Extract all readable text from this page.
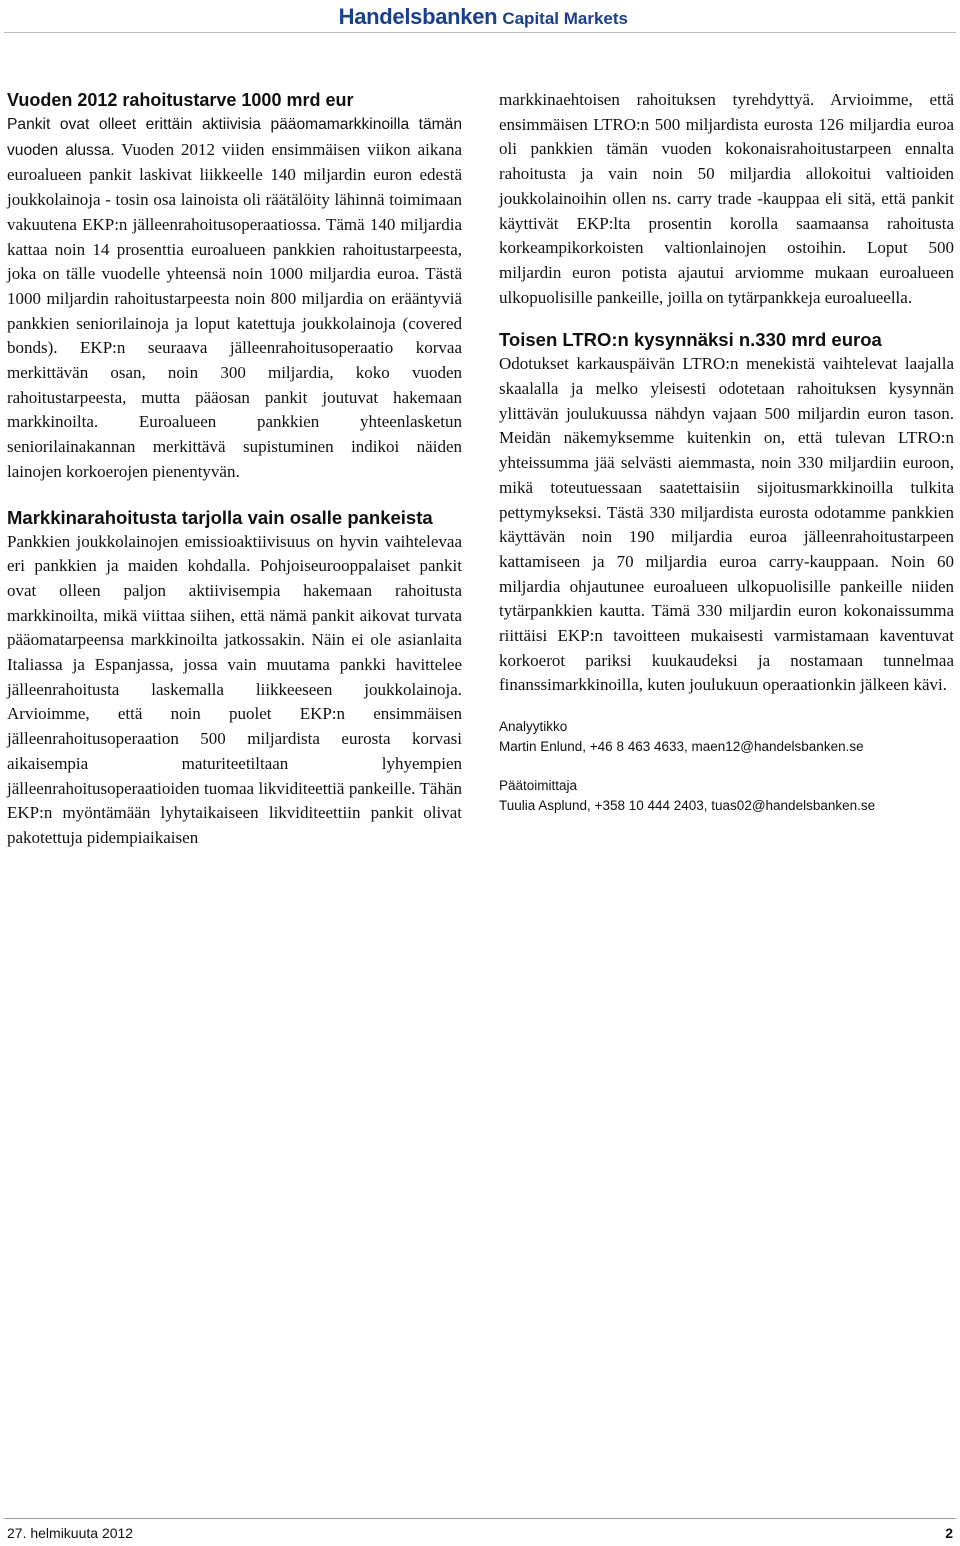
Handelsbanken Capital Markets
Vuoden 2012 rahoitustarve 1000 mrd eur

Pankit ovat olleet erittäin aktiivisia pääomamarkkinoilla tämän vuoden alussa. Vuoden 2012 viiden ensimmäisen viikon aikana euroalueen pankit laskivat liikkeelle 140 miljardin euron edestä joukkolainoja - tosin osa lainoista oli räätälöity lähinnä toimimaan vakuutena EKP:n jälleenrahoitusoperaatiossa. Tämä 140 miljardia kattaa noin 14 prosenttia euroalueen pankkien rahoitustarpeesta, joka on tälle vuodelle yhteensä noin 1000 miljardia euroa. Tästä 1000 miljardin rahoitustarpeesta noin 800 miljardia on erääntyviä pankkien seniorilainoja ja loput katettuja joukkolainoja (covered bonds). EKP:n seuraava jälleenrahoitusoperaatio korvaa merkittävän osan, noin 300 miljardia, koko vuoden rahoitustarpeesta, mutta pääosan pankit joutuvat hakemaan markkinoilta. Euroalueen pankkien yhteenlasketun seniorilainakannan merkittävä supistuminen indikoi näiden lainojen korkoerojen pienentyvän.

Markkinarahoitusta tarjolla vain osalle pankeista

Pankkien joukkolainojen emissioaktiivisuus on hyvin vaihtelevaa eri pankkien ja maiden kohdalla. Pohjoiseurooppalaiset pankit ovat olleen paljon aktiivisempia hakemaan rahoitusta markkinoilta, mikä viittaa siihen, että nämä pankit aikovat turvata pääomatarpeensa markkinoilta jatkossakin. Näin ei ole asianlaita Italiassa ja Espanjassa, jossa vain muutama pankki havittelee jälleenrahoitusta laskemalla liikkeeseen joukkolainoja. Arvioimme, että noin puolet EKP:n ensimmäisen jälleenrahoitusoperaation 500 miljardista eurosta korvasi aikaisempia maturiteetiltaan lyhyempien jälleenrahoitusoperaatioiden tuomaa likviditeettiä pankeille. Tähän EKP:n myöntämään lyhytaikaiseen likviditeettiin pankit olivat pakotettuja pidempiaikaisen

markkinaehtoisen rahoituksen tyrehdyttyä. Arvioimme, että ensimmäisen LTRO:n 500 miljardista eurosta 126 miljardia euroa oli pankkien tämän vuoden kokonaisrahoitustarpeen ennalta rahoitusta ja vain noin 50 miljardia allokoitui valtioiden joukkolainoihin ollen ns. carry trade -kauppaa eli sitä, että pankit käyttivät EKP:lta prosentin korolla saamaansa rahoitusta korkeampikorkoisten valtionlainojen ostoihin. Loput 500 miljardin euron potista ajautui arviomme mukaan euroalueen ulkopuolisille pankeille, joilla on tytärpankkeja euroalueella.

Toisen LTRO:n kysynnäksi n.330 mrd euroa

Odotukset karkauspäivän LTRO:n menekistä vaihtelevat laajalla skaalalla ja melko yleisesti odotetaan rahoituksen kysynnän ylittävän joulukuussa nähdyn vajaan 500 miljardin euron tason. Meidän näkemyksemme kuitenkin on, että tulevan LTRO:n yhteissumma jää selvästi aiemmasta, noin 330 miljardiin euroon, mikä toteutuessaan saatettaisiin sijoitusmarkkinoilla tulkita pettymykseksi. Tästä 330 miljardista eurosta odotamme pankkien käyttävän noin 190 miljardia euroa jälleenrahoitustarpeen kattamiseen ja 70 miljardia euroa carry-kauppaan. Noin 60 miljardia ohjautunee euroalueen ulkopuolisille pankeille niiden tytärpankkien kautta. Tämä 330 miljardin euron kokonaissumma riittäisi EKP:n tavoitteen mukaisesti varmistamaan kaventuvat korkoerot pariksi kuukaudeksi ja nostamaan tunnelmaa finanssimarkkinoilla, kuten joulukuun operaationkin jälkeen kävi.

Analyytikko
Martin Enlund, +46 8 463 4633, maen12@handelsbanken.se
Päätoimittaja
Tuulia Asplund, +358 10 444 2403, tuas02@handelsbanken.se
27. helmikuuta 2012	2
